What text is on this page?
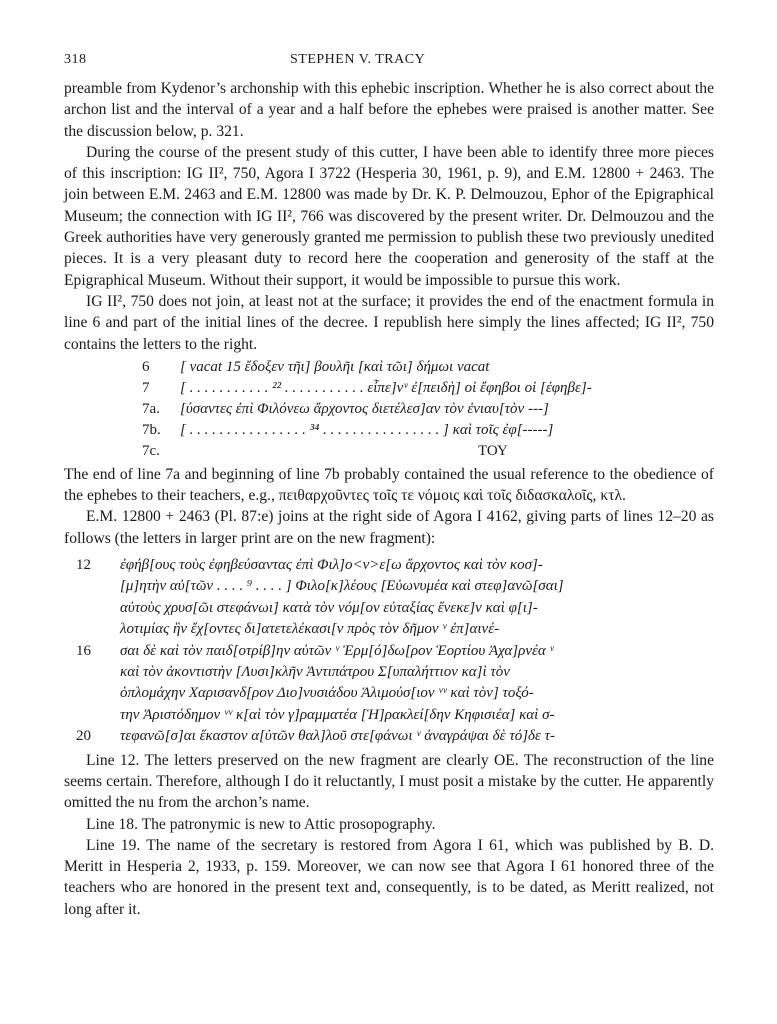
318	STEPHEN V. TRACY

preamble from Kydenor’s archonship with this ephebic inscription. Whether he is also correct about the archon list and the interval of a year and a half before the ephebes were praised is another matter. See the discussion below, p. 321.

During the course of the present study of this cutter, I have been able to identify three more pieces of this inscription: IG II², 750, Agora I 3722 (Hesperia 30, 1961, p. 9), and E.M. 12800 + 2463. The join between E.M. 2463 and E.M. 12800 was made by Dr. K. P. Delmouzou, Ephor of the Epigraphical Museum; the connection with IG II², 766 was discovered by the present writer. Dr. Delmouzou and the Greek authorities have very generously granted me permission to publish these two previously unedited pieces. It is a very pleasant duty to record here the cooperation and generosity of the staff at the Epigraphical Museum. Without their support, it would be impossible to pursue this work.

IG II², 750 does not join, at least not at the surface; it provides the end of the enactment formula in line 6 and part of the initial lines of the decree. I republish here simply the lines affected; IG II², 750 contains the letters to the right.

6	[ vacat 15 ἔδοξεν τῆι] βουλῆι [καὶ τῶι] δήμωι vacat
7	[ . . . . . . . . . . . ²² . . . . . . . . . . . εἶπε]νᵛ ἐ[πειδὴ] οἱ ἔφηβοι οἱ [ἐφηβε]-
7a.	[ύσαντες ἐπὶ Φιλόνεω ἄρχοντος διετέλεσ]αν τὸν ἐνιαυ[τὸν ---]
7b.	[ . . . . . . . . . . . . . . . . ³⁴ . . . . . . . . . . . . . . . . ] καὶ τοῖς ἐφ[-----]
7c.	ΤΟΥ

The end of line 7a and beginning of line 7b probably contained the usual reference to the obedience of the ephebes to their teachers, e.g., πειθαρχοῦντες τοῖς τε νόμοις καὶ τοῖς διδασκαλοῖς, κτλ.

E.M. 12800 + 2463 (Pl. 87:e) joins at the right side of Agora I 4162, giving parts of lines 12–20 as follows (the letters in larger print are on the new fragment):

12	ἐφήβ[ους τοὺς ἐφηβεύσαντας ἐπὶ Φιλ]ο<ν>ε[ω ἄρχοντος καὶ τὸν κοσ]-
[μ]ητὴν αὐ[τῶν . . . . ⁹ . . . . ] Φιλο[κ]λέους [Εὐωνυμέα καὶ στεφ]ανῶ[σαι]
αὐτοὺς χρυσ[ῶι στεφάνωι] κατὰ τὸν νόμ[ον εὐταξίας ἕνεκε]ν καὶ φ[ι]-
λοτιμίας ἣν ἔχ[οντες δι]ατετελέκασι[ν πρὸς τὸν δῆμον ᵛ ἐπ]αινέ-
16	σαι δὲ καὶ τὸν παιδ[οτρίβ]ην αὐτῶν ᵛ Ἑρμ[ό]δω[ρον Ἑορτίου Ἀχα]ρνέα ᵛ
καὶ τὸν ἀκοντιστὴν [Λυσι]κλῆν Ἀντιπάτρου Σ[υπαλήττιον κα]ὶ τὸν
ὁπλομάχην Χαρισανδ[ρον Διο]νυσιάδου Ἁλιμούσ[ιον ᵛᵛ καὶ τὸν] τοξό-
την Ἀριστόδημον ᵛᵛ κ[αὶ τὸν γ]ραμματέα [Ἡ]ρακλεί[δην Κηφισιέα] καὶ σ-
20	τεφανῶ[σ]αι ἕκαστον α[ὐτῶν θαλ]λοῦ στε[φάνωι ᵛ ἀναγράψαι δὲ τό]δε τ-

Line 12. The letters preserved on the new fragment are clearly OE. The reconstruction of the line seems certain. Therefore, although I do it reluctantly, I must posit a mistake by the cutter. He apparently omitted the nu from the archon’s name.

Line 18. The patronymic is new to Attic prosopography.

Line 19. The name of the secretary is restored from Agora I 61, which was published by B. D. Meritt in Hesperia 2, 1933, p. 159. Moreover, we can now see that Agora I 61 honored three of the teachers who are honored in the present text and, consequently, is to be dated, as Meritt realized, not long after it.
